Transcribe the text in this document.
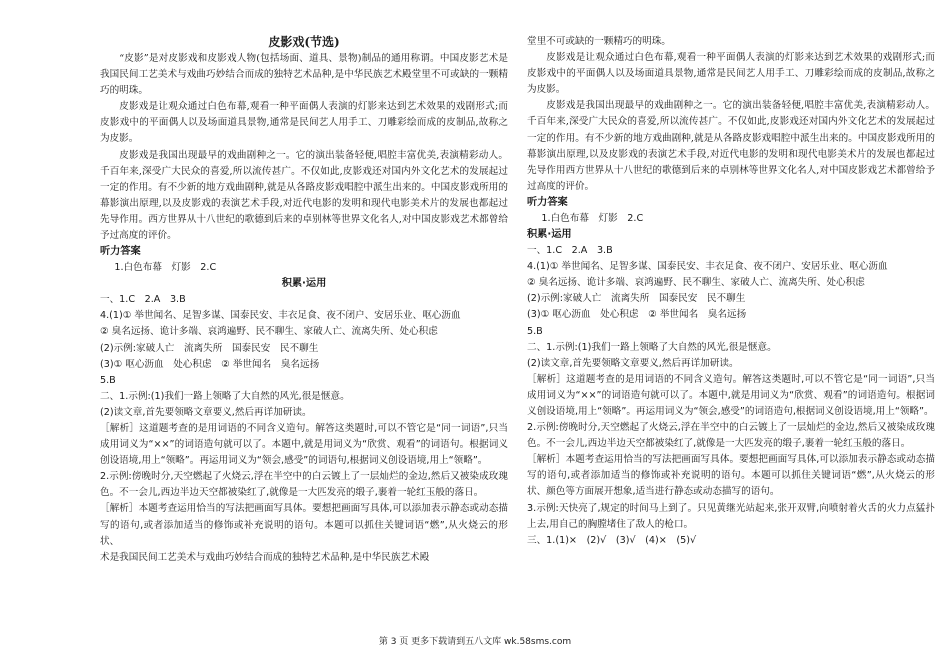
皮影戏(节选)

“皮影”是对皮影戏和皮影戏人物(包括场面、道具、景物)制品的通用称谓。中国皮影艺术是我国民间工艺美术与戏曲巧妙结合而成的独特艺术品种,是中华民族艺术殿堂里不可或缺的一颗精巧的明珠。

皮影戏是让观众通过白色布幕,观看一种平面偶人表演的灯影来达到艺术效果的戏剧形式;而皮影戏中的平面偶人以及场面道具景物,通常是民间艺人用手工、刀雕彩绘而成的皮制品,故称之为皮影。

皮影戏是我国出现最早的戏曲剧种之一。它的演出装备轻便,唱腔丰富优美,表演精彩动人。千百年来,深受广大民众的喜爱,所以流传甚广。不仅如此,皮影戏还对国内外文化艺术的发展起过一定的作用。有不少新的地方戏曲剧种,就是从各路皮影戏唱腔中派生出来的。中国皮影戏所用的幕影演出原理,以及皮影戏的表演艺术手段,对近代电影的发明和现代电影美术片的发展也都起过先导作用。西方世界从十八世纪的歌德到后来的卓别林等世界文化名人,对中国皮影戏艺术都曾给予过高度的评价。

听力答案

1.白色布幕　灯影　2.C

积累·运用

一、1.C　2.A　3.B

4.(1)① 举世闻名、足智多谋、国泰民安、丰衣足食、夜不闭户、安居乐业、呕心沥血

② 臭名远扬、诡计多端、哀鸿遍野、民不聊生、家破人亡、流离失所、处心积虑

(2)示例:家破人亡　流离失所　国泰民安　民不聊生

(3)① 呕心沥血　处心积虑　② 举世闻名　臭名远扬

5.B

二、1.示例:(1)我们一路上领略了大自然的风光,很是惬意。

(2)读文章,首先要领略文章要义,然后再详加研读。

［解析］这道题考查的是用词语的不同含义造句。解答这类题时,可以不管它是“同一词语”,只当成用词义为“××”的词语造句就可以了。本题中,就是用词义为“欣赏、观看”的词语句。根据词义创设语境,用上“领略”。再运用词义为“领会,感受”的词语句,根据词义创设语境,用上“领略”。

2.示例:傍晚时分,天空燃起了火烧云,浮在半空中的白云镀上了一层灿烂的金边,然后又被染成玫瑰色。不一会儿,西边半边天空都被染红了,就像是一大匹发亮的缎子,裹着一轮红玉般的落日。

［解析］本题考查运用恰当的写法把画面写具体。要想把画面写具体,可以添加表示静态或动态描写的语句,或者添加适当的修饰或补充说明的语句。本题可以抓住关键词语“燃”,从火烧云的形状、

术是我国民间工艺美术与戏曲巧妙结合而成的独特艺术品种,是中华民族艺术殿

堂里不可或缺的一颗精巧的明珠。

皮影戏是让观众通过白色布幕,观看一种平面偶人表演的灯影来达到艺术效果的戏剧形式;而皮影戏中的平面偶人以及场面道具景物,通常是民间艺人用手工、刀雕彩绘而成的皮制品,故称之为皮影。

皮影戏是我国出现最早的戏曲剧种之一。它的演出装备轻便,唱腔丰富优美,表演精彩动人。千百年来,深受广大民众的喜爱,所以流传甚广。不仅如此,皮影戏还对国内外文化艺术的发展起过一定的作用。有不少新的地方戏曲剧种,就是从各路皮影戏唱腔中派生出来的。中国皮影戏所用的幕影演出原理,以及皮影戏的表演艺术手段,对近代电影的发明和现代电影美术片的发展也都起过先导作用西方世界从十八世纪的歌德到后来的卓别林等世界文化名人,对中国皮影戏艺术都曾给予过高度的评价。

听力答案

1.白色布幕　灯影　2.C

积累·运用

一、1.C　2.A　3.B

4.(1)① 举世闻名、足智多谋、国泰民安、丰衣足食、夜不闭户、安居乐业、呕心沥血

② 臭名远扬、诡计多端、哀鸿遍野、民不聊生、家破人亡、流离失所、处心积虑

(2)示例:家破人亡　流离失所　国泰民安　民不聊生

(3)① 呕心沥血　处心积虑　② 举世闻名　臭名远扬

5.B

二、1.示例:(1)我们一路上领略了大自然的风光,很是惬意。

(2)读文章,首先要领略文章要义,然后再详加研读。

［解析］这道题考查的是用词语的不同含义造句。解答这类题时,可以不管它是“同一词语”,只当成用词义为“××”的词语造句就可以了。本题中,就是用词义为“欣赏、观看”的词语造句。根据词义创设语境,用上“领略”。再运用词义为“领会,感受”的词语造句,根据词义创设语境,用上“领略”。

2.示例:傍晚时分,天空燃起了火烧云,浮在半空中的白云镀上了一层灿烂的金边,然后又被染成玫瑰色。不一会儿,西边半边天空都被染红了,就像是一大匹发亮的缎子,裹着一轮红玉般的落日。

［解析］本题考查运用恰当的写法把画面写具体。要想把画面写具体,可以添加表示静态或动态描写的语句,或者添加适当的修饰或补充说明的语句。本题可以抓住关键词语“燃”,从火烧云的形状、颜色等方面展开想象,适当进行静态或动态描写的语句。

3.示例:天快亮了,规定的时间马上到了。只见黄继光站起来,张开双臂,向喷射着火舌的火力点猛扑上去,用自己的胸膛堵住了敌人的枪口。

三、1.(1)×　(2)√　(3)√　(4)×　(5)√

第 3 页 更多下载请到五八文库 wk.58sms.com
